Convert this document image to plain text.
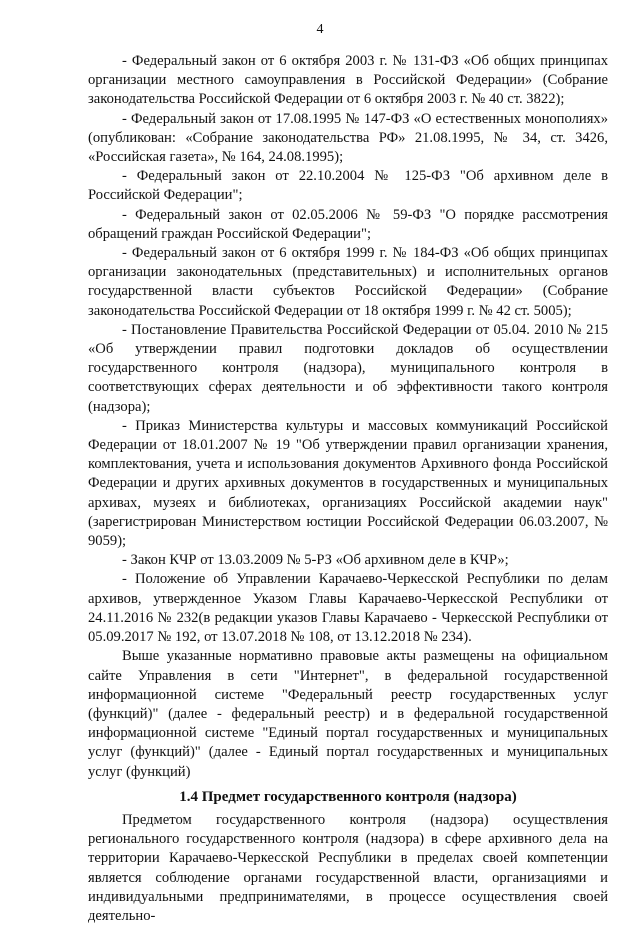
4

- Федеральный закон от 6 октября 2003 г. № 131-ФЗ «Об общих принципах организации местного самоуправления в Российской Федерации» (Собрание законодательства Российской Федерации от 6 октября 2003 г. № 40 ст. 3822);

- Федеральный закон от 17.08.1995 № 147-ФЗ «О естественных монополиях» (опубликован: «Собрание законодательства РФ» 21.08.1995, № 34, ст. 3426, «Российская газета», № 164, 24.08.1995);

- Федеральный закон от 22.10.2004 № 125-ФЗ "Об архивном деле в Российской Федерации";

- Федеральный закон от 02.05.2006 № 59-ФЗ "О порядке рассмотрения обращений граждан Российской Федерации";

- Федеральный закон от 6 октября 1999 г. № 184-ФЗ «Об общих принципах организации законодательных (представительных) и исполнительных органов государственной власти субъектов Российской Федерации» (Собрание законодательства Российской Федерации от 18 октября 1999 г. № 42 ст. 5005);

- Постановление Правительства Российской Федерации от 05.04. 2010 № 215 «Об утверждении правил подготовки докладов об осуществлении государственного контроля (надзора), муниципального контроля в соответствующих сферах деятельности и об эффективности такого контроля (надзора);

- Приказ Министерства культуры и массовых коммуникаций Российской Федерации от 18.01.2007 № 19 "Об утверждении правил организации хранения, комплектования, учета и использования документов Архивного фонда Российской Федерации и других архивных документов в государственных и муниципальных архивах, музеях и библиотеках, организациях Российской академии наук" (зарегистрирован Министерством юстиции Российской Федерации 06.03.2007, № 9059);

- Закон КЧР от 13.03.2009 № 5-РЗ «Об архивном деле в КЧР»;

- Положение об Управлении Карачаево-Черкесской Республики по делам архивов, утвержденное Указом Главы Карачаево-Черкесской Республики от 24.11.2016 № 232(в редакции указов Главы Карачаево - Черкесской Республики от 05.09.2017 № 192, от 13.07.2018 № 108, от 13.12.2018 № 234).

Выше указанные нормативно правовые акты размещены на официальном сайте Управления в сети "Интернет", в федеральной государственной информационной системе "Федеральный реестр государственных услуг (функций)" (далее - федеральный реестр) и в федеральной государственной информационной системе "Единый портал государственных и муниципальных услуг (функций)" (далее - Единый портал государственных и муниципальных услуг (функций)

1.4 Предмет государственного контроля (надзора)

Предметом государственного контроля (надзора) осуществления регионального государственного контроля (надзора) в сфере архивного дела на территории Карачаево-Черкесской Республики в пределах своей компетенции является соблюдение органами государственной власти, организациями и индивидуальными предпринимателями, в процессе осуществления своей деятельно-
